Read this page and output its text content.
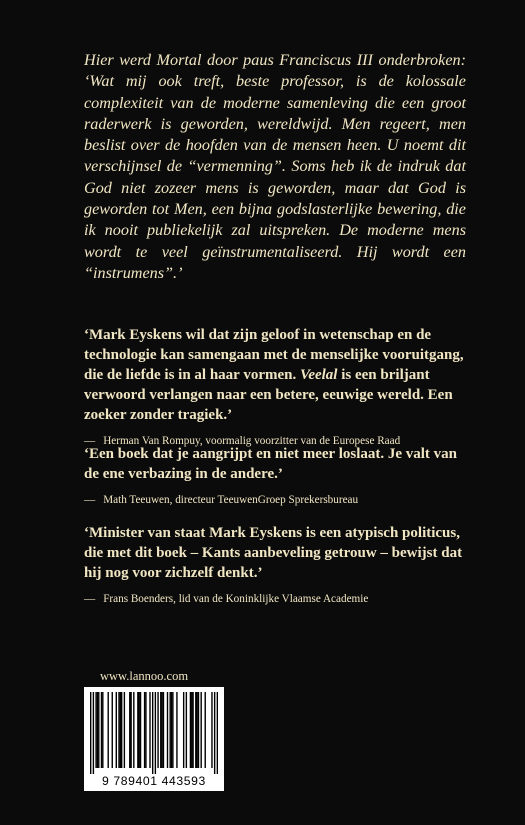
Hier werd Mortal door paus Franciscus III onderbroken: ‘Wat mij ook treft, beste professor, is de kolossale complexiteit van de moderne samenleving die een groot raderwerk is geworden, wereldwijd. Men regeert, men beslist over de hoofden van de mensen heen. U noemt dit verschijnsel de “vermenning”. Soms heb ik de indruk dat God niet zozeer mens is geworden, maar dat God is geworden tot Men, een bijna godslasterlijke bewering, die ik nooit publiekelijk zal uitspreken. De moderne mens wordt te veel geïnstrumentaliseerd. Hij wordt een “instrumens”.’

‘Mark Eyskens wil dat zijn geloof in wetenschap en de technologie kan samengaan met de menselijke vooruitgang, die de liefde is in al haar vormen. Veelal is een briljant verwoord verlangen naar een betere, eeuwige wereld. Een zoeker zonder tragiek.’

— Herman Van Rompuy, voormalig voorzitter van de Europese Raad

‘Een boek dat je aangrijpt en niet meer loslaat. Je valt van de ene verbazing in de andere.’

— Math Teeuwen, directeur TeeuwenGroep Sprekersbureau

‘Minister van staat Mark Eyskens is een atypisch politicus, die met dit boek – Kants aanbeveling getrouw – bewijst dat hij nog voor zichzelf denkt.’

— Frans Boenders, lid van de Koninklijke Vlaamse Academie

www.lannoo.com
9 789401 443593
